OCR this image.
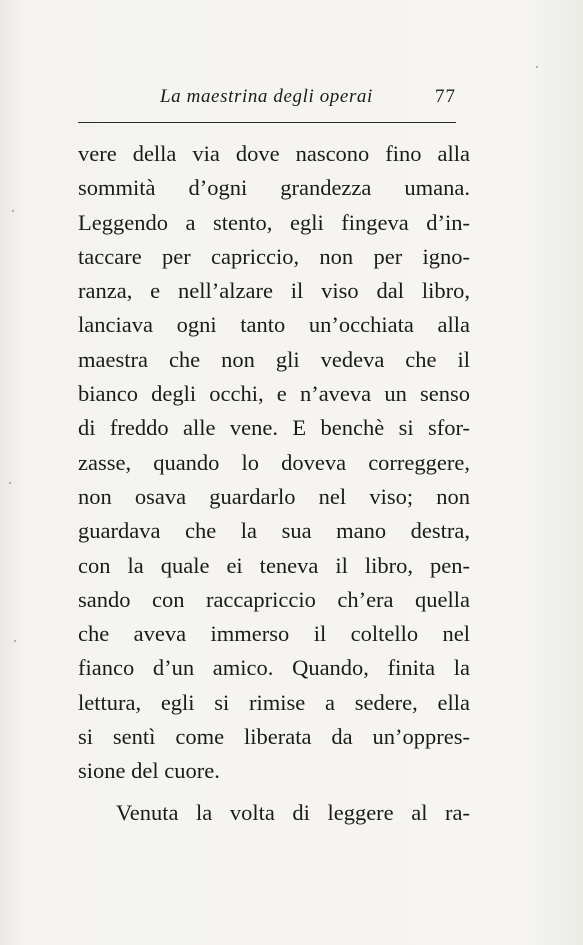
La maestrina degli operai	77
vere della via dove nascono fino alla
sommità d’ogni grandezza umana.
Leggendo a stento, egli fingeva d’in-
taccare per capriccio, non per igno-
ranza, e nell’alzare il viso dal libro,
lanciava ogni tanto un’occhiata alla
maestra che non gli vedeva che il
bianco degli occhi, e n’aveva un senso
di freddo alle vene. E benchè si sfor-
zasse, quando lo doveva correggere,
non osava guardarlo nel viso; non
guardava che la sua mano destra,
con la quale ei teneva il libro, pen-
sando con raccapriccio ch’era quella
che aveva immerso il coltello nel
fianco d’un amico. Quando, finita la
lettura, egli si rimise a sedere, ella
si sentì come liberata da un’oppres-
sione del cuore.
Venuta la volta di leggere al ra-
